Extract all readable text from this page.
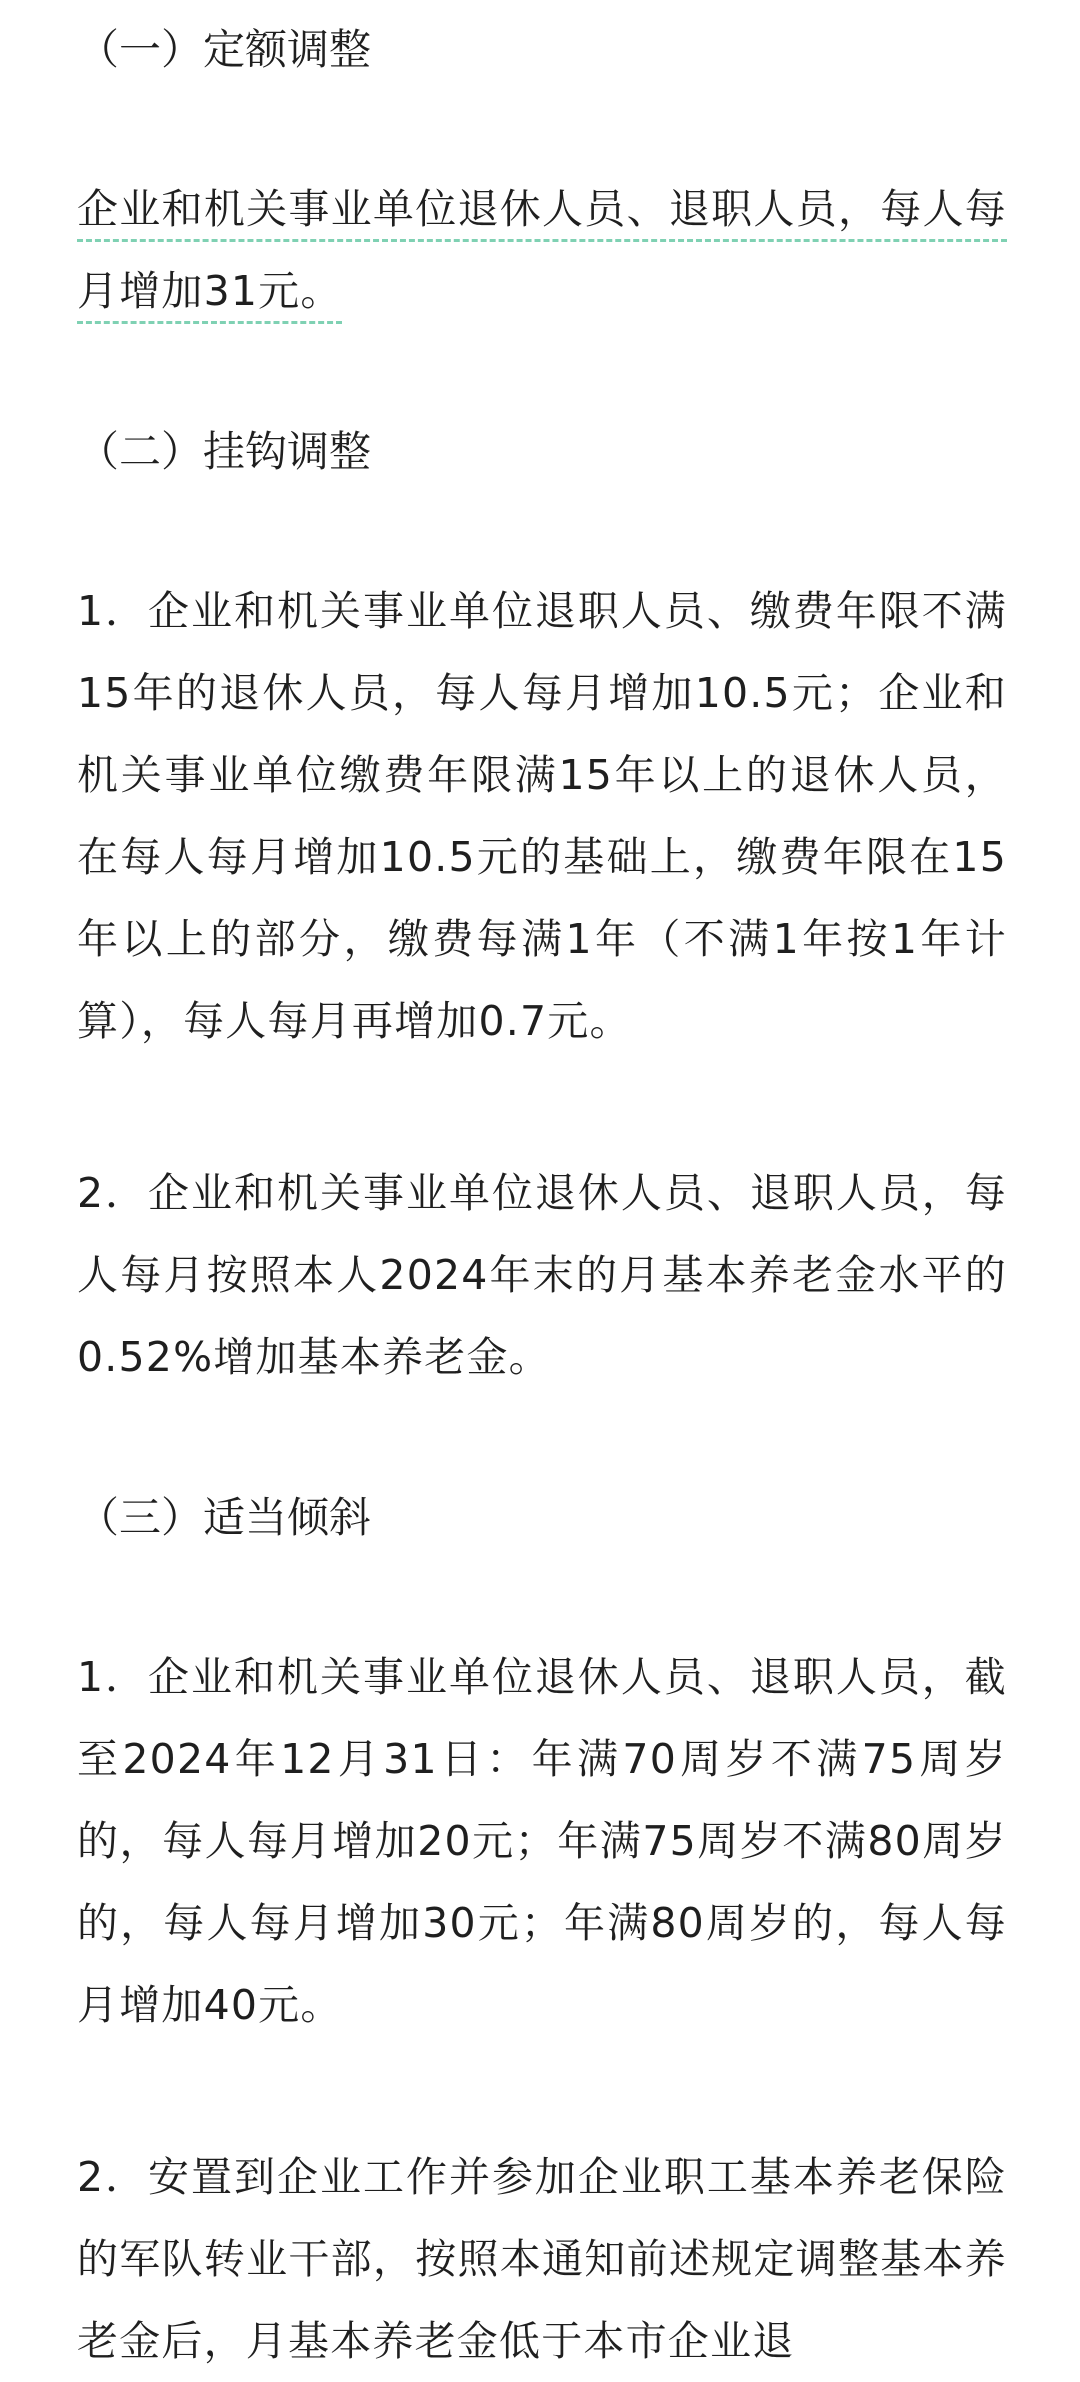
（一）定额调整

企业和机关事业单位退休人员、退职人员，每人每月增加31元。

（二）挂钩调整

1．企业和机关事业单位退职人员、缴费年限不满15年的退休人员，每人每月增加10.5元；企业和机关事业单位缴费年限满15年以上的退休人员，在每人每月增加10.5元的基础上，缴费年限在15年以上的部分，缴费每满1年（不满1年按1年计算），每人每月再增加0.7元。

2．企业和机关事业单位退休人员、退职人员，每人每月按照本人2024年末的月基本养老金水平的0.52%增加基本养老金。

（三）适当倾斜

1．企业和机关事业单位退休人员、退职人员，截至2024年12月31日：年满70周岁不满75周岁的，每人每月增加20元；年满75周岁不满80周岁的，每人每月增加30元；年满80周岁的，每人每月增加40元。

2．安置到企业工作并参加企业职工基本养老保险的军队转业干部，按照本通知前述规定调整基本养老金后，月基本养老金低于本市企业退
